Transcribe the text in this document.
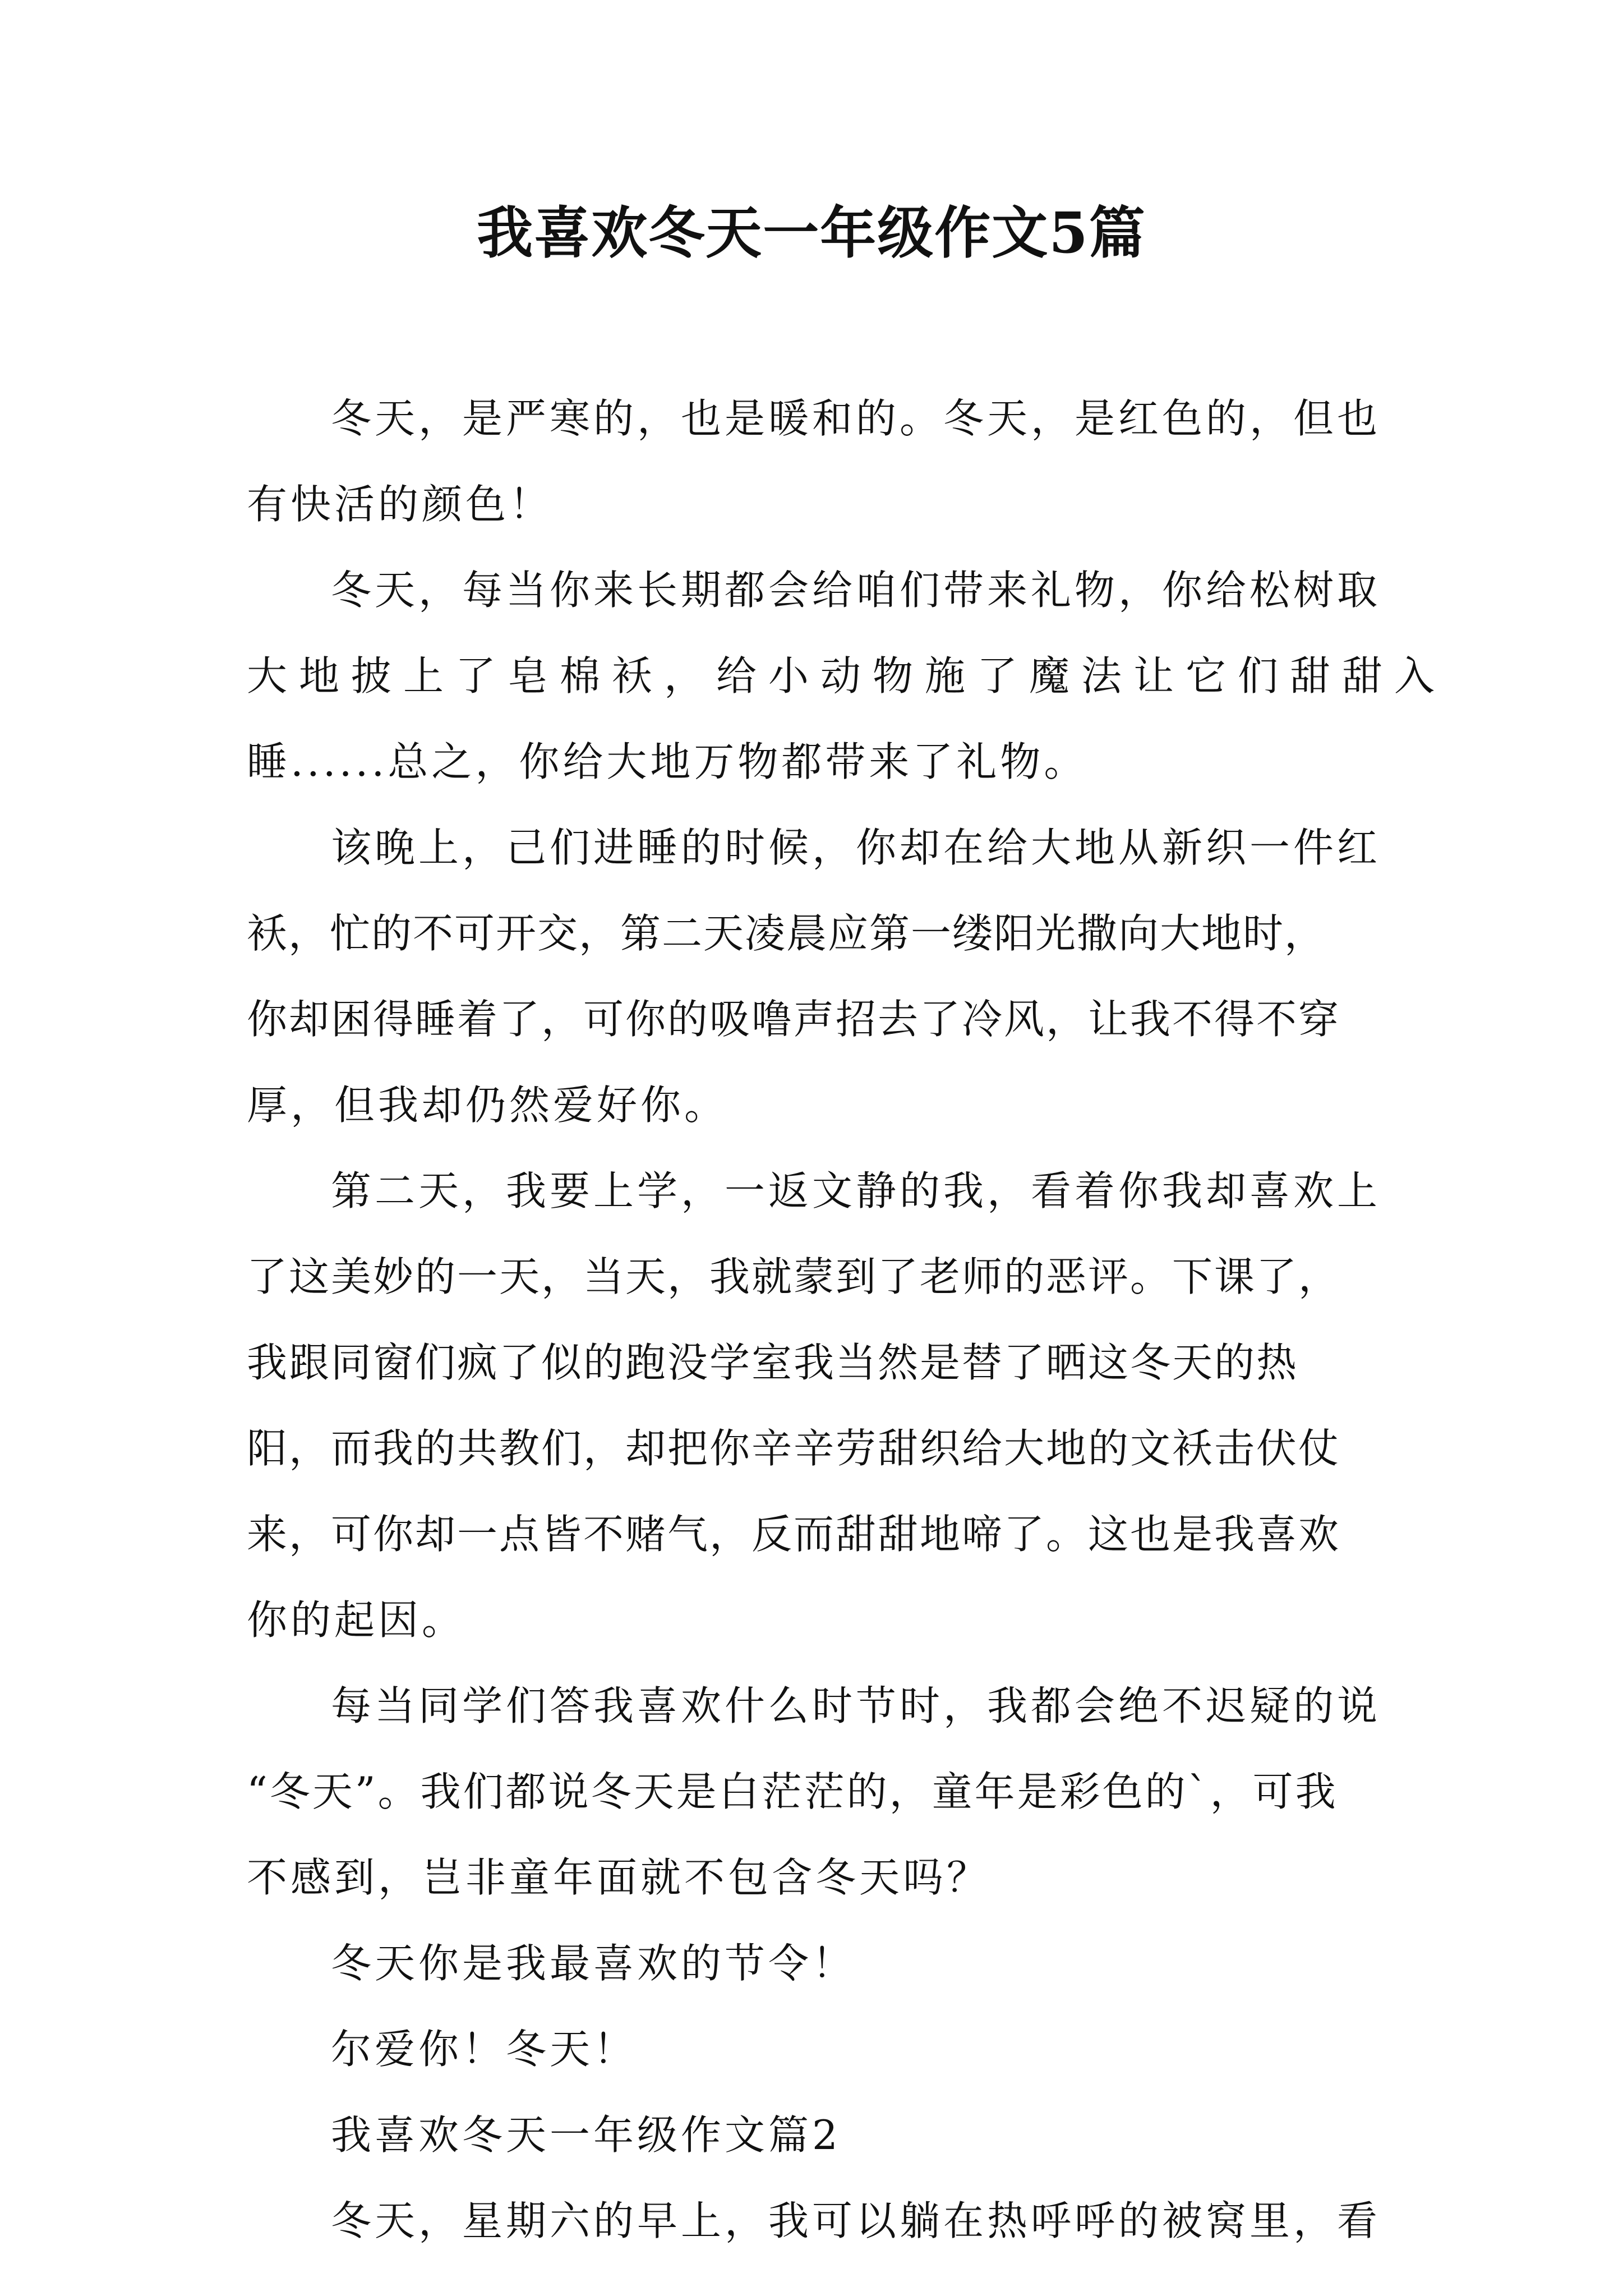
我喜欢冬天一年级作文5篇

冬天，是严寒的，也是暖和的。冬天，是红色的，但也
有快活的颜色！

冬天，每当你来长期都会给咱们带来礼物，你给松树取
大地披上了皂棉袄，给小动物施了魔法让它们甜甜入
睡......总之，你给大地万物都带来了礼物。

该晚上，己们进睡的时候，你却在给大地从新织一件红
袄，忙的不可开交，第二天凌晨应第一缕阳光撒向大地时，
你却困得睡着了，可你的吸噜声招去了冷风，让我不得不穿
厚，但我却仍然爱好你。

第二天，我要上学，一返文静的我，看着你我却喜欢上
了这美妙的一天，当天，我就蒙到了老师的恶评。下课了，
我跟同窗们疯了似的跑没学室我当然是替了晒这冬天的热
阳，而我的共教们，却把你辛辛劳甜织给大地的文袄击伏仗
来，可你却一点皆不赌气，反而甜甜地啼了。这也是我喜欢
你的起因。

每当同学们答我喜欢什么时节时，我都会绝不迟疑的说
“冬天”。我们都说冬天是白茫茫的，童年是彩色的`，可我
不感到，岂非童年面就不包含冬天吗？

冬天你是我最喜欢的节令！

尔爱你！冬天！

我喜欢冬天一年级作文篇2

冬天，星期六的早上，我可以躺在热呼呼的被窝里，看
